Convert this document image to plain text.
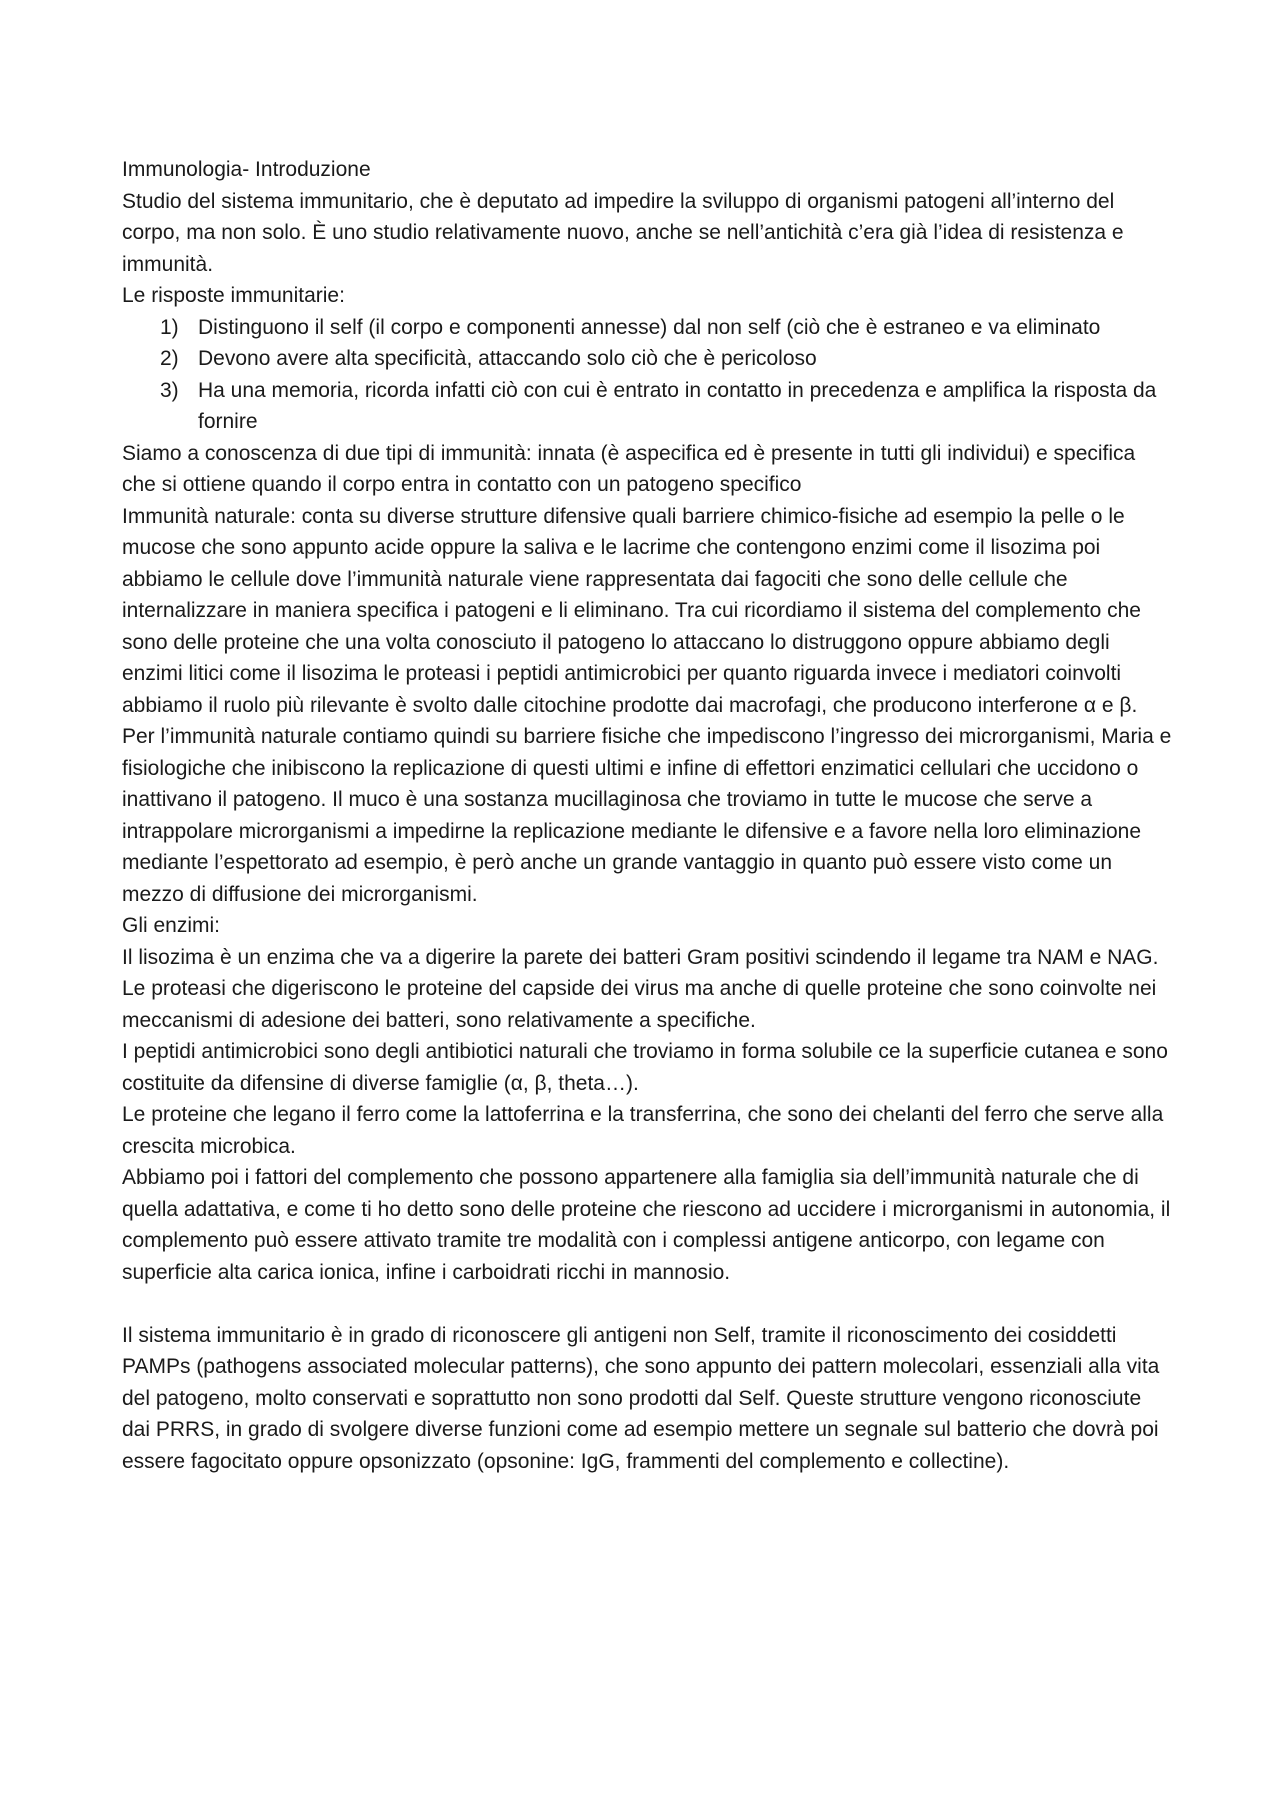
Immunologia- Introduzione

Studio del sistema immunitario, che è deputato ad impedire la sviluppo di organismi patogeni all’interno del corpo, ma non solo. È uno studio relativamente nuovo, anche se nell’antichità c’era già l’idea di resistenza e immunità.

Le risposte immunitarie:

1) Distinguono il self (il corpo e componenti annesse) dal non self (ciò che è estraneo e va eliminato
2) Devono avere alta specificità, attaccando solo ciò che è pericoloso
3) Ha una memoria, ricorda infatti ciò con cui è entrato in contatto in precedenza e amplifica la risposta da fornire

Siamo a conoscenza di due tipi di immunità: innata (è aspecifica ed è presente in tutti gli individui) e specifica che si ottiene quando il corpo entra in contatto con un patogeno specifico

Immunità naturale: conta su diverse strutture difensive quali barriere chimico-fisiche ad esempio la pelle o le mucose che sono appunto acide oppure la saliva e le lacrime che contengono enzimi come il lisozima poi abbiamo le cellule dove l’immunità naturale viene rappresentata dai fagociti che sono delle cellule che internalizzare in maniera specifica i patogeni e li eliminano. Tra cui ricordiamo il sistema del complemento che sono delle proteine che una volta conosciuto il patogeno lo attaccano lo distruggono oppure abbiamo degli enzimi litici come il lisozima le proteasi i peptidi antimicrobici per quanto riguarda invece i mediatori coinvolti abbiamo il ruolo più rilevante è svolto dalle citochine prodotte dai macrofagi, che producono interferone α e β.

Per l’immunità naturale contiamo quindi su barriere fisiche che impediscono l’ingresso dei microrganismi, Maria e fisiologiche che inibiscono la replicazione di questi ultimi e infine di effettori enzimatici cellulari che uccidono o inattivano il patogeno. Il muco è una sostanza mucillaginosa che troviamo in tutte le mucose che serve a intrappolare microrganismi a impedirne la replicazione mediante le difensive e a favore nella loro eliminazione mediante l’espettorato ad esempio, è però anche un grande vantaggio in quanto può essere visto come un mezzo di diffusione dei microrganismi.

Gli enzimi:

Il lisozima è un enzima che va a digerire la parete dei batteri Gram positivi scindendo il legame tra NAM e NAG.

Le proteasi che digeriscono le proteine del capside dei virus ma anche di quelle proteine che sono coinvolte nei meccanismi di adesione dei batteri, sono relativamente a specifiche.

I peptidi antimicrobici sono degli antibiotici naturali che troviamo in forma solubile ce la superficie cutanea e sono costituite da difensine di diverse famiglie (α, β, theta…).

Le proteine che legano il ferro come la lattoferrina e la transferrina, che sono dei chelanti del ferro che serve alla crescita microbica.

Abbiamo poi i fattori del complemento che possono appartenere alla famiglia sia dell’immunità naturale che di quella adattativa, e come ti ho detto sono delle proteine che riescono ad uccidere i microrganismi in autonomia, il complemento può essere attivato tramite tre modalità con i complessi antigene anticorpo, con legame con superficie alta carica ionica, infine i carboidrati ricchi in mannosio.

Il sistema immunitario è in grado di riconoscere gli antigeni non Self, tramite il riconoscimento dei cosiddetti PAMPs (pathogens associated molecular patterns), che sono appunto dei pattern molecolari, essenziali alla vita del patogeno, molto conservati e soprattutto non sono prodotti dal Self. Queste strutture vengono riconosciute dai PRRS, in grado di svolgere diverse funzioni come ad esempio mettere un segnale sul batterio che dovrà poi essere fagocitato oppure opsonizzato (opsonine: IgG, frammenti del complemento e collectine).
